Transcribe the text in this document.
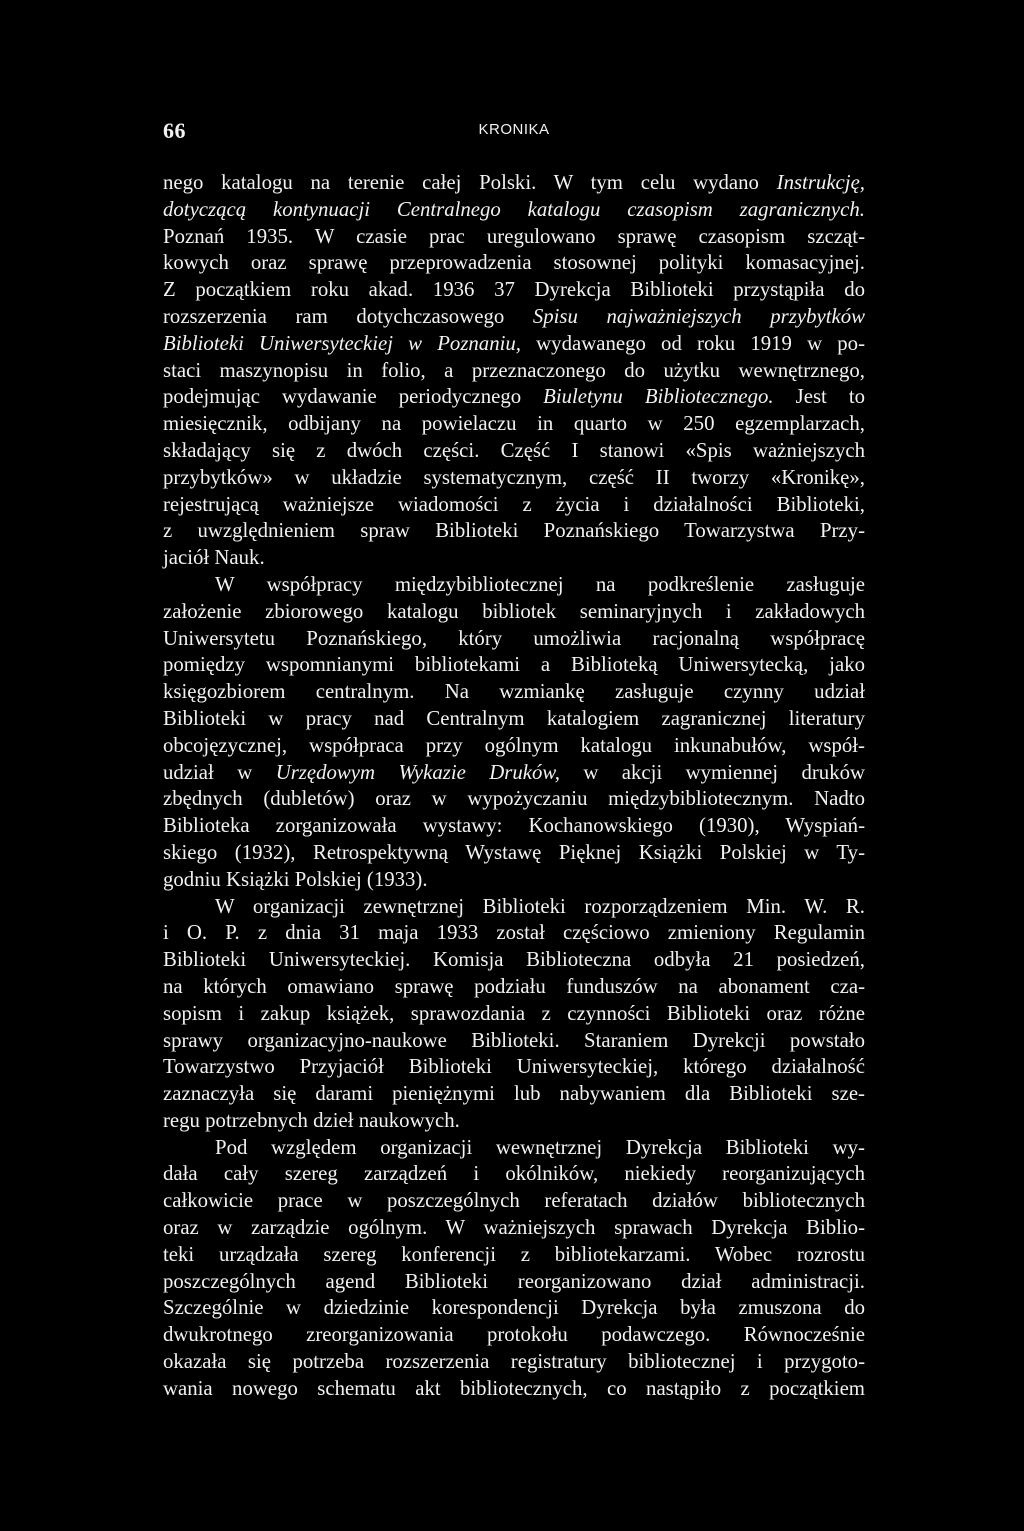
66	KRONIKA
nego katalogu na terenie całej Polski. W tym celu wydano Instrukcję,
dotyczącą kontynuacji Centralnego katalogu czasopism zagranicznych.
Poznań 1935. W czasie prac uregulowano sprawę czasopism szcząt-
kowych oraz sprawę przeprowadzenia stosownej polityki komasacyjnej.
Z początkiem roku akad. 1936 37 Dyrekcja Biblioteki przystąpiła do
rozszerzenia ram dotychczasowego Spisu najważniejszych przybytków
Biblioteki Uniwersyteckiej w Poznaniu, wydawanego od roku 1919 w po-
staci maszynopisu in folio, a przeznaczonego do użytku wewnętrznego,
podejmując wydawanie periodycznego Biuletynu Bibliotecznego. Jest to
miesięcznik, odbijany na powielaczu in quarto w 250 egzemplarzach,
składający się z dwóch części. Część I stanowi «Spis ważniejszych
przybytków» w układzie systematycznym, część II tworzy «Kronikę»,
rejestrującą ważniejsze wiadomości z życia i działalności Biblioteki,
z uwzględnieniem spraw Biblioteki Poznańskiego Towarzystwa Przy-
jaciół Nauk.
W współpracy międzybibliotecznej na podkreślenie zasługuje
założenie zbiorowego katalogu bibliotek seminaryjnych i zakładowych
Uniwersytetu Poznańskiego, który umożliwia racjonalną współpracę
pomiędzy wspomnianymi bibliotekami a Biblioteką Uniwersytecką, jako
księgozbiorem centralnym. Na wzmiankę zasługuje czynny udział
Biblioteki w pracy nad Centralnym katalogiem zagranicznej literatury
obcojęzycznej, współpraca przy ogólnym katalogu inkunabułów, współ-
udział w Urzędowym Wykazie Druków, w akcji wymiennej druków
zbędnych (dubletów) oraz w wypożyczaniu międzybibliotecznym. Nadto
Biblioteka zorganizowała wystawy: Kochanowskiego (1930), Wyspiań-
skiego (1932), Retrospektywną Wystawę Pięknej Książki Polskiej w Ty-
godniu Książki Polskiej (1933).
W organizacji zewnętrznej Biblioteki rozporządzeniem Min. W. R.
i O. P. z dnia 31 maja 1933 został częściowo zmieniony Regulamin
Biblioteki Uniwersyteckiej. Komisja Biblioteczna odbyła 21 posiedzeń,
na których omawiano sprawę podziału funduszów na abonament cza-
sopism i zakup książek, sprawozdania z czynności Biblioteki oraz różne
sprawy organizacyjno-naukowe Biblioteki. Staraniem Dyrekcji powstało
Towarzystwo Przyjaciół Biblioteki Uniwersyteckiej, którego działalność
zaznaczyła się darami pieniężnymi lub nabywaniem dla Biblioteki sze-
regu potrzebnych dzieł naukowych.
Pod względem organizacji wewnętrznej Dyrekcja Biblioteki wy-
dała cały szereg zarządzeń i okólników, niekiedy reorganizujących
całkowicie prace w poszczególnych referatach działów bibliotecznych
oraz w zarządzie ogólnym. W ważniejszych sprawach Dyrekcja Biblio-
teki urządzała szereg konferencji z bibliotekarzami. Wobec rozrostu
poszczególnych agend Biblioteki reorganizowano dział administracji.
Szczególnie w dziedzinie korespondencji Dyrekcja była zmuszona do
dwukrotnego zreorganizowania protokołu podawczego. Równocześnie
okazała się potrzeba rozszerzenia registratury bibliotecznej i przygoto-
wania nowego schematu akt bibliotecznych, co nastąpiło z początkiem
